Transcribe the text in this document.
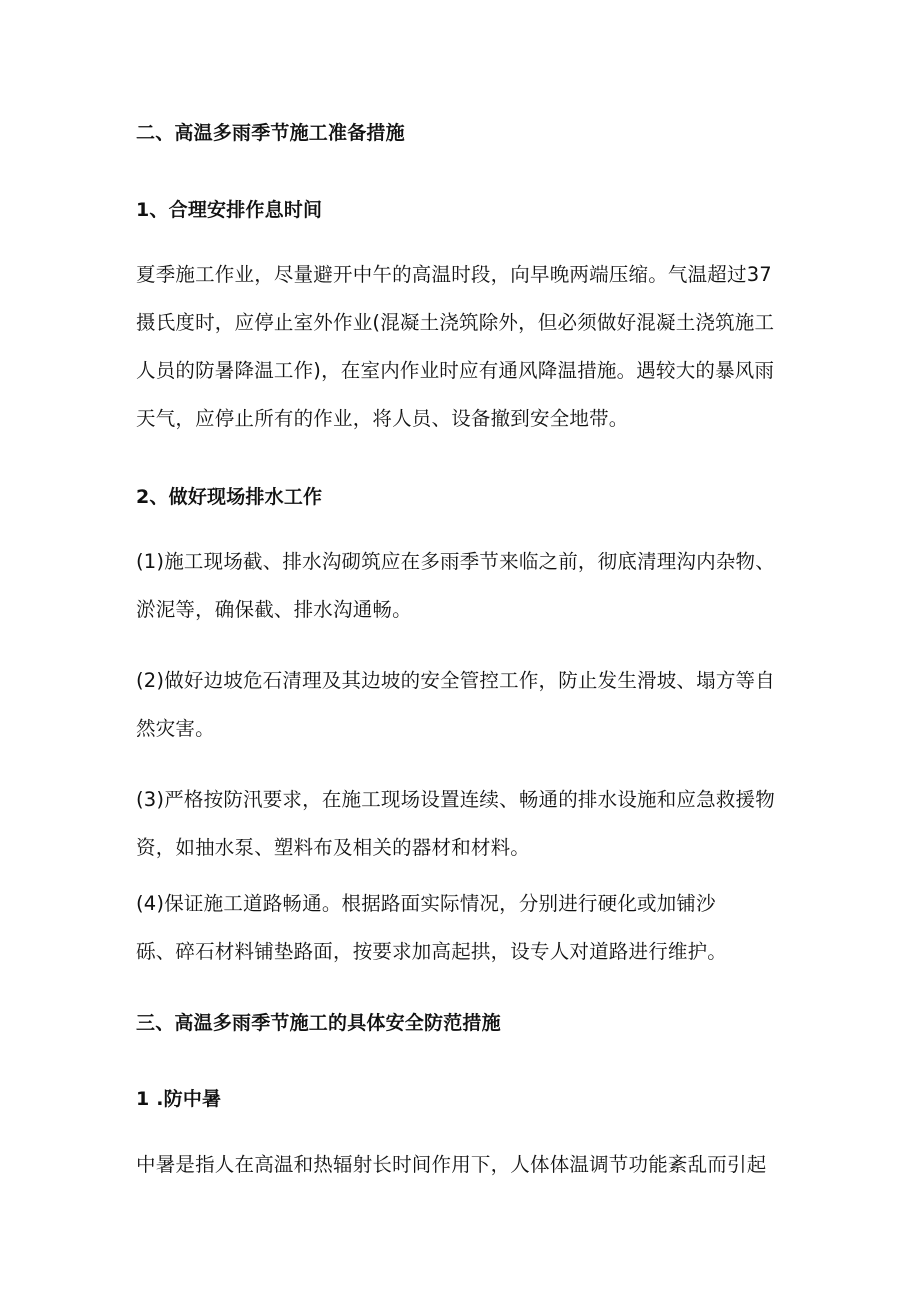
二、高温多雨季节施工准备措施
1、合理安排作息时间
夏季施工作业，尽量避开中午的高温时段，向早晚两端压缩。气温超过37
摄氏度时，应停止室外作业(混凝土浇筑除外，但必须做好混凝土浇筑施工
人员的防暑降温工作)，在室内作业时应有通风降温措施。遇较大的暴风雨
天气，应停止所有的作业，将人员、设备撤到安全地带。
2、做好现场排水工作
(1)施工现场截、排水沟砌筑应在多雨季节来临之前，彻底清理沟内杂物、
淤泥等，确保截、排水沟通畅。
(2)做好边坡危石清理及其边坡的安全管控工作，防止发生滑坡、塌方等自
然灾害。
(3)严格按防汛要求，在施工现场设置连续、畅通的排水设施和应急救援物
资，如抽水泵、塑料布及相关的器材和材料。
(4)保证施工道路畅通。根据路面实际情况，分别进行硬化或加铺沙
砾、碎石材料铺垫路面，按要求加高起拱，设专人对道路进行维护。
三、高温多雨季节施工的具体安全防范措施
1 .防中暑
中暑是指人在高温和热辐射长时间作用下，人体体温调节功能紊乱而引起
